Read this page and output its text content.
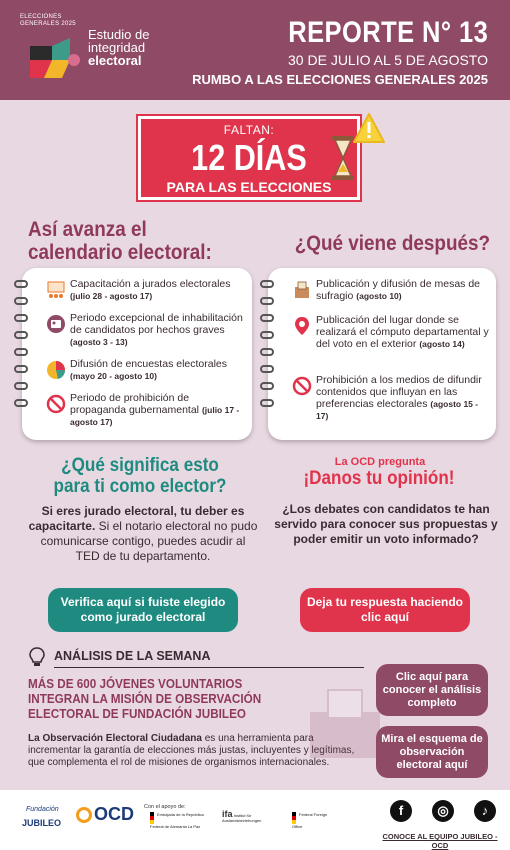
ELECCIONES GENERALES 2025
Estudio de
integridad
electoral
REPORTE N° 13
30 DE JULIO AL 5 DE AGOSTO
RUMBO A LAS ELECCIONES GENERALES 2025
FALTAN:
12 DÍAS
PARA LAS ELECCIONES
Así avanza el
calendario electoral:	¿Qué viene después?
Capacitación a jurados electorales (julio 28 - agosto 17)
Periodo excepcional de inhabilitación de candidatos por hechos graves (agosto 3 - 13)
Difusión de encuestas electorales (mayo 20 - agosto 10)
Periodo de prohibición de propaganda gubernamental (julio 17 - agosto 17)
Publicación y difusión de mesas de sufragio (agosto 10)
Publicación del lugar donde se realizará el cómputo departamental y del voto en el exterior (agosto 14)
Prohibición a los medios de difundir contenidos que influyan en las preferencias electorales (agosto 15 - 17)
¿Qué significa esto para ti como elector?
Si eres jurado electoral, tu deber es capacitarte. Si el notario electoral no pudo comunicarse contigo, puedes acudir al TED de tu departamento.
Verifica aquí si fuiste elegido como jurado electoral
La OCD pregunta
¡Danos tu opinión!
¿Los debates con candidatos te han servido para conocer sus propuestas y poder emitir un voto informado?
Deja tu respuesta haciendo clic aquí
ANÁLISIS DE LA SEMANA
MÁS DE 600 JÓVENES VOLUNTARIOS INTEGRAN LA MISIÓN DE OBSERVACIÓN ELECTORAL DE FUNDACIÓN JUBILEO
La Observación Electoral Ciudadana es una herramienta para incrementar la garantía de elecciones más justas, incluyentes y legítimas, que complementa el rol de misiones de organismos internacionales.
Clic aquí para conocer el análisis completo
Mira el esquema de observación electoral aquí
Fundación
JUBILEO	OCD Con el apoyo de:
Embajada de la República Federal de Alemania La Paz
ifa Institut für Auslandsbeziehungen
Federal Foreign Office
f	◎	♪
CONOCE AL EQUIPO JUBILEO - OCD
